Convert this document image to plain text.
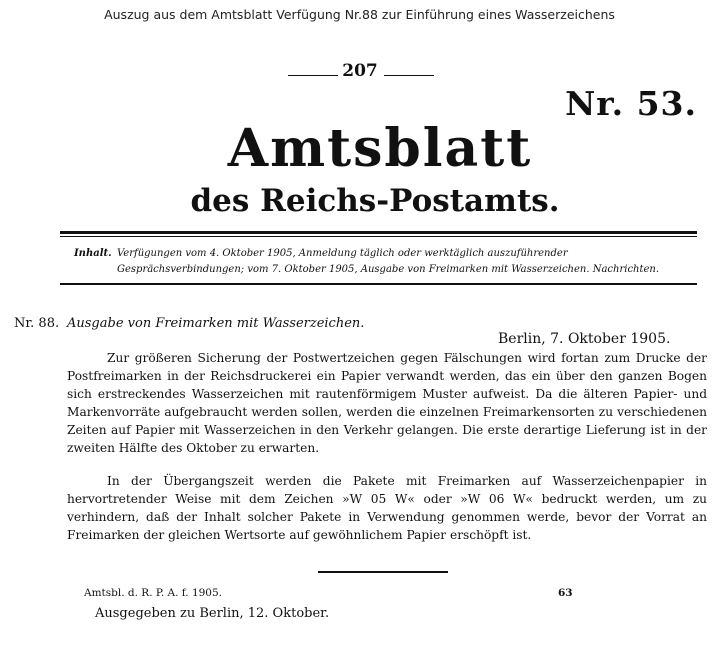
Auszug aus dem Amtsblatt Verfügung Nr.88 zur Einführung eines Wasserzeichens
207
Nr. 53.
Amtsblatt
des Reichs-Postamts.
Inhalt. Verfügungen vom 4. Oktober 1905, Anmeldung täglich oder werktäglich auszuführender Gesprächsverbindungen; vom 7. Oktober 1905, Ausgabe von Freimarken mit Wasserzeichen. Nachrichten.
Nr. 88. Ausgabe von Freimarken mit Wasserzeichen.
Berlin, 7. Oktober 1905.
Zur größeren Sicherung der Postwertzeichen gegen Fälschungen wird fortan zum Drucke der Postfreimarken in der Reichsdruckerei ein Papier verwandt werden, das ein über den ganzen Bogen sich erstreckendes Wasserzeichen mit rautenförmigem Muster aufweist. Da die älteren Papier- und Markenvorräte aufgebraucht werden sollen, werden die einzelnen Freimarkensorten zu verschiedenen Zeiten auf Papier mit Wasserzeichen in den Verkehr gelangen. Die erste derartige Lieferung ist in der zweiten Hälfte des Oktober zu erwarten.
In der Übergangszeit werden die Pakete mit Freimarken auf Wasserzeichenpapier in hervortretender Weise mit dem Zeichen »W 05 W« oder »W 06 W« bedruckt werden, um zu verhindern, daß der Inhalt solcher Pakete in Verwendung genommen werde, bevor der Vorrat an Freimarken der gleichen Wertsorte auf gewöhnlichem Papier erschöpft ist.
Amtsbl. d. R. P. A. f. 1905.	63
Ausgegeben zu Berlin, 12. Oktober.
